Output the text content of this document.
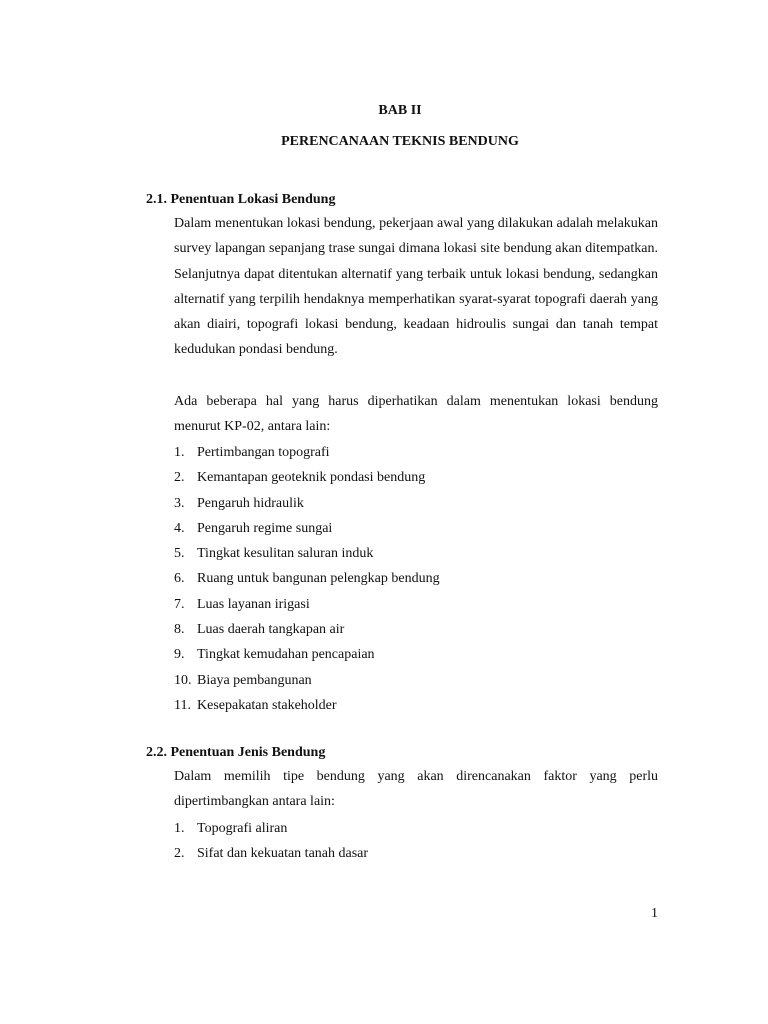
BAB II
PERENCANAAN TEKNIS BENDUNG
2.1. Penentuan Lokasi Bendung
Dalam menentukan lokasi bendung, pekerjaan awal yang dilakukan adalah melakukan survey lapangan sepanjang trase sungai dimana lokasi site bendung akan ditempatkan. Selanjutnya dapat ditentukan alternatif yang terbaik untuk lokasi bendung, sedangkan alternatif yang terpilih hendaknya memperhatikan syarat-syarat topografi daerah yang akan diairi, topografi lokasi bendung, keadaan hidroulis sungai dan tanah tempat kedudukan pondasi bendung.
Ada beberapa hal yang harus diperhatikan dalam menentukan lokasi bendung menurut KP-02, antara lain:
1. Pertimbangan topografi
2. Kemantapan geoteknik pondasi bendung
3. Pengaruh hidraulik
4. Pengaruh regime sungai
5. Tingkat kesulitan saluran induk
6. Ruang untuk bangunan pelengkap bendung
7. Luas layanan irigasi
8. Luas daerah tangkapan air
9. Tingkat kemudahan pencapaian
10. Biaya pembangunan
11. Kesepakatan stakeholder
2.2. Penentuan Jenis Bendung
Dalam memilih tipe bendung yang akan direncanakan faktor yang perlu dipertimbangkan antara lain:
1. Topografi aliran
2. Sifat dan kekuatan tanah dasar
1
